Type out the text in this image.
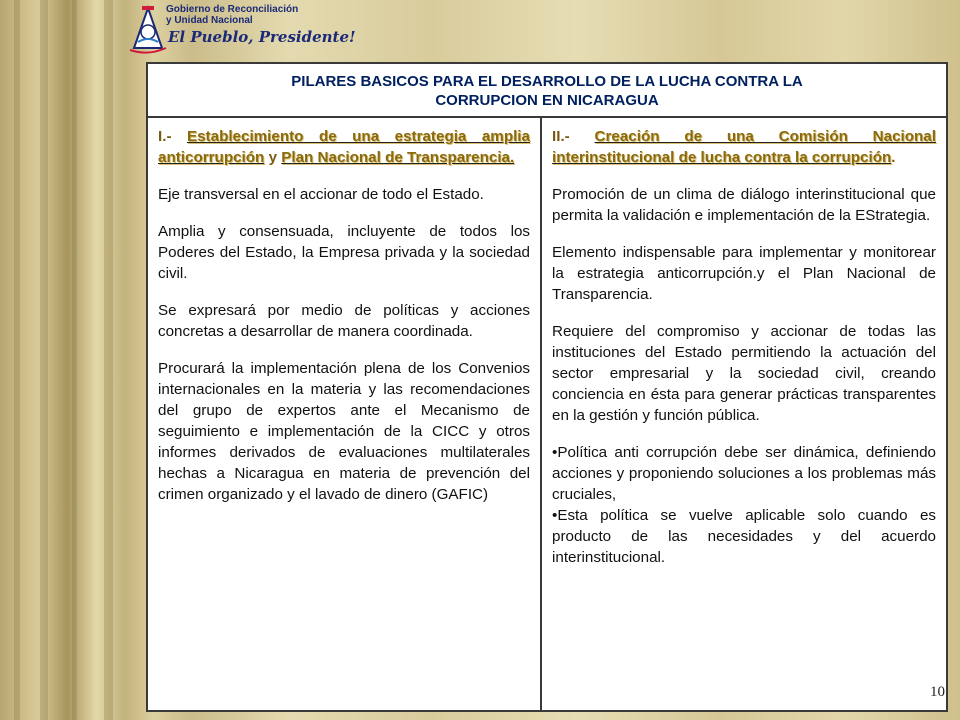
Gobierno de Reconciliación
y Unidad Nacional
El Pueblo, Presidente!
PILARES BASICOS PARA EL DESARROLLO DE LA LUCHA CONTRA LA
CORRUPCION EN NICARAGUA

I.- Establecimiento de una estrategia amplia anticorrupción y Plan Nacional de Transparencia.

Eje transversal en el accionar de todo el Estado.

Amplia y consensuada, incluyente de todos los Poderes del Estado, la Empresa privada y la sociedad civil.

Se expresará por medio de políticas y acciones concretas a desarrollar de manera coordinada.

Procurará la implementación plena de los Convenios internacionales en la materia y las recomendaciones del grupo de expertos ante el Mecanismo de seguimiento e implementación de la CICC y otros informes derivados de evaluaciones multilaterales hechas a Nicaragua en materia de prevención del crimen organizado y el lavado de dinero (GAFIC)

II.- Creación de una Comisión Nacional interinstitucional de lucha contra la corrupción.

Promoción de un clima de diálogo interinstitucional que permita la validación e implementación de la EStrategia.

Elemento indispensable para implementar y monitorear la estrategia anticorrupción.y el Plan Nacional de Transparencia.

Requiere del compromiso y accionar de todas las instituciones del Estado permitiendo la actuación del sector empresarial y la sociedad civil, creando conciencia en ésta para generar prácticas transparentes en la gestión y función pública.

•Política anti corrupción debe ser dinámica, definiendo acciones y proponiendo soluciones a los problemas más cruciales,

•Esta política se vuelve aplicable solo cuando es producto de las necesidades y del acuerdo interinstitucional.

10
